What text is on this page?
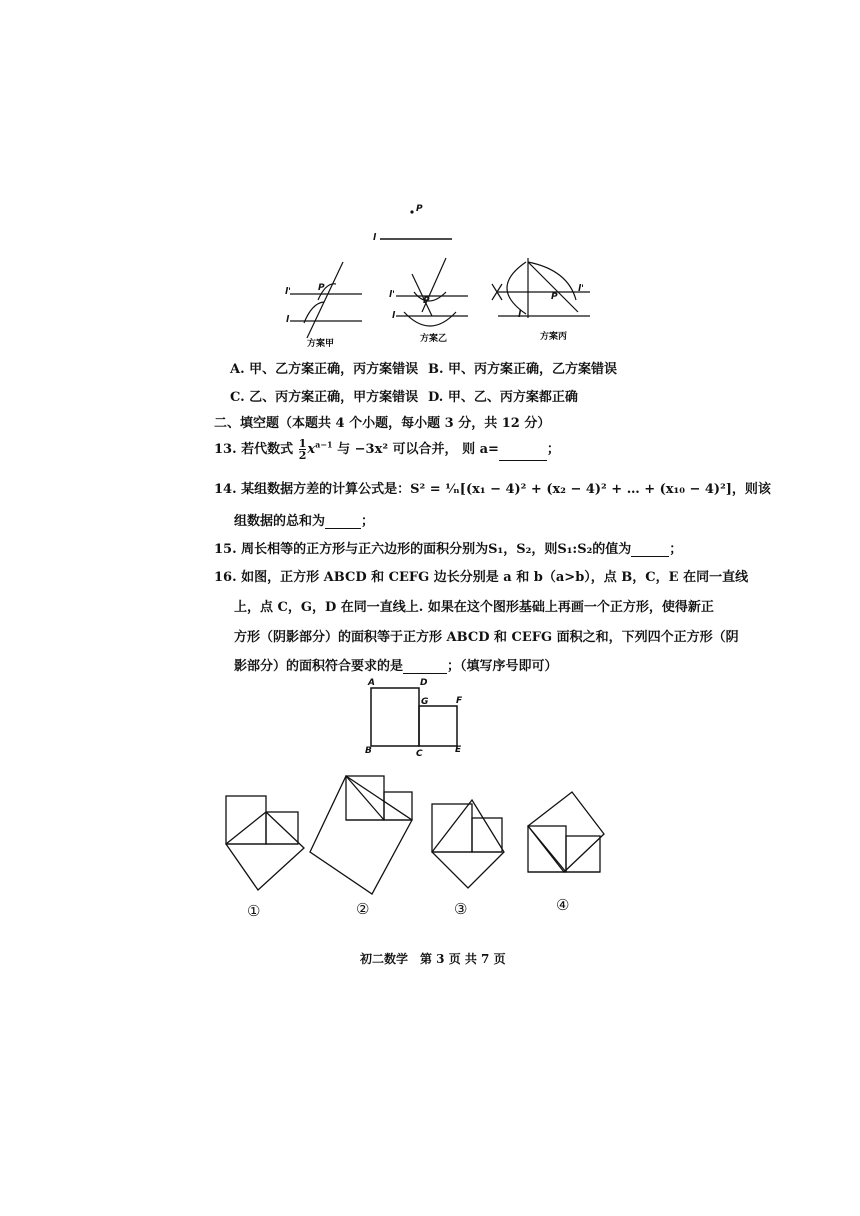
P
l
l'
l
P
方案甲
l'
l
P
方案乙
l'
l
P
方案丙
A. 甲、乙方案正确，丙方案错误 B. 甲、丙方案正确，乙方案错误
C. 乙、丙方案正确，甲方案错误 D. 甲、乙、丙方案都正确
二、填空题（本题共 4 个小题，每小题 3 分，共 12 分）
13. 若代数式 $\frac{1}{2} x^{a-1}$ 与 −3x² 可以合并， 则 a=	；
14. 某组数据方差的计算公式是：S² = ¹⁄ₙ[(x₁ − 4)² + (x₂ − 4)² + … + (x₁₀ − 4)²]，则该
组数据的总和为	；
15. 周长相等的正方形与正六边形的面积分别为S₁，S₂，则S₁:S₂的值为	；
16. 如图，正方形 ABCD 和 CEFG 边长分别是 a 和 b（a>b），点 B，C，E 在同一直线
上，点 C，G，D 在同一直线上. 如果在这个图形基础上再画一个正方形，使得新正
方形（阴影部分）的面积等于正方形 ABCD 和 CEFG 面积之和，下列四个正方形（阴
影部分）的面积符合要求的是	；（填写序号即可）
A
B	C
D
E
F
G
①	②	③	④
初二数学　第 3 页 共 7 页
